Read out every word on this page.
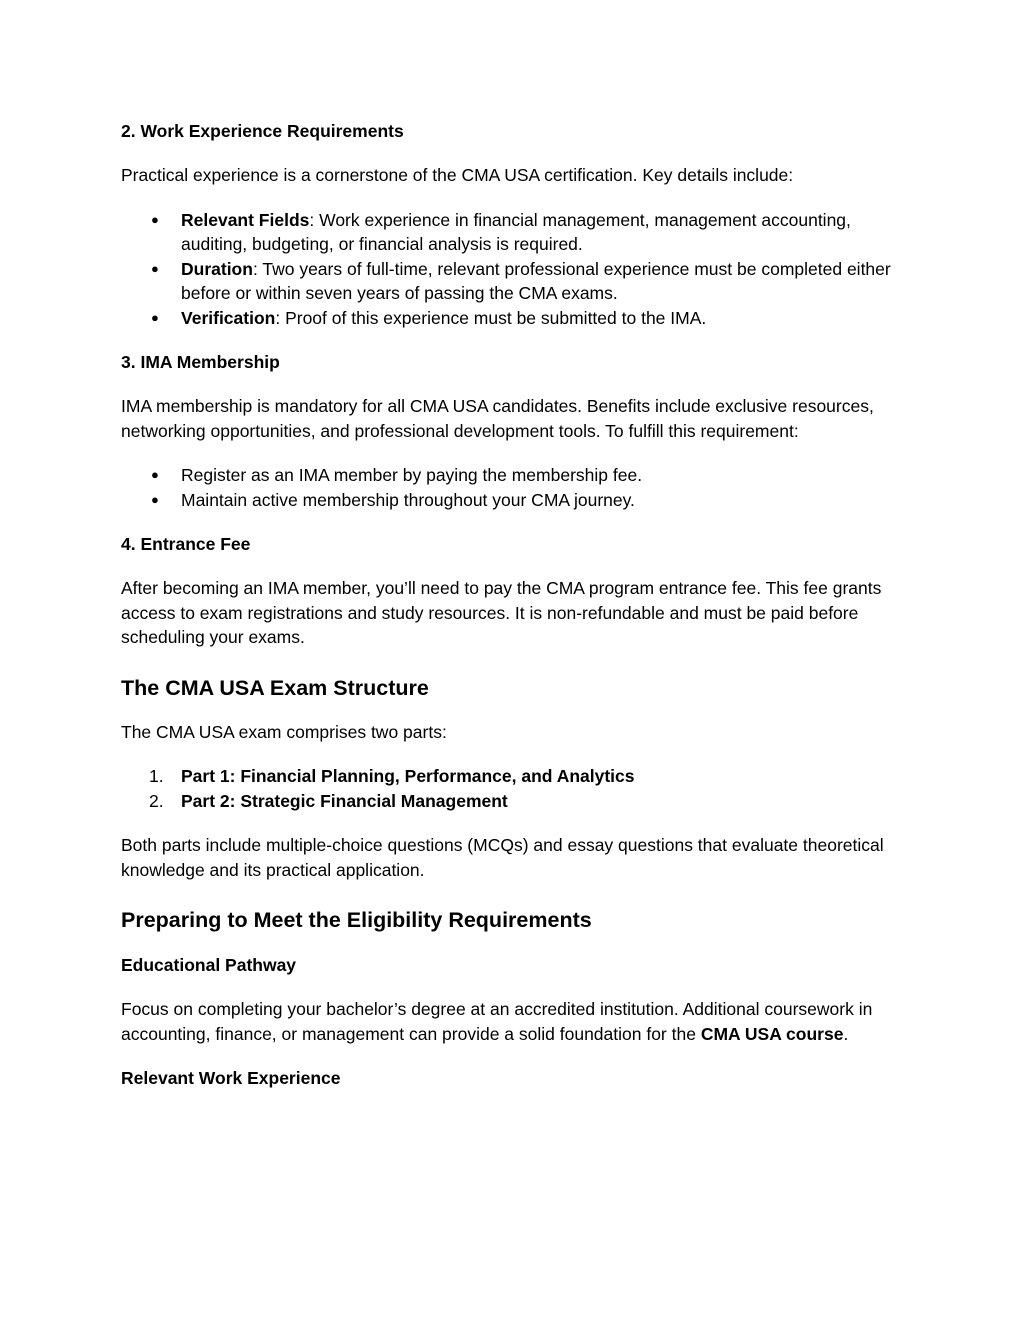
2. Work Experience Requirements

Practical experience is a cornerstone of the CMA USA certification. Key details include:

● Relevant Fields: Work experience in financial management, management accounting, auditing, budgeting, or financial analysis is required.
● Duration: Two years of full-time, relevant professional experience must be completed either before or within seven years of passing the CMA exams.
● Verification: Proof of this experience must be submitted to the IMA.

3. IMA Membership

IMA membership is mandatory for all CMA USA candidates. Benefits include exclusive resources, networking opportunities, and professional development tools. To fulfill this requirement:

● Register as an IMA member by paying the membership fee.
● Maintain active membership throughout your CMA journey.

4. Entrance Fee

After becoming an IMA member, you’ll need to pay the CMA program entrance fee. This fee grants access to exam registrations and study resources. It is non-refundable and must be paid before scheduling your exams.

The CMA USA Exam Structure

The CMA USA exam comprises two parts:

1. Part 1: Financial Planning, Performance, and Analytics
2. Part 2: Strategic Financial Management

Both parts include multiple-choice questions (MCQs) and essay questions that evaluate theoretical knowledge and its practical application.

Preparing to Meet the Eligibility Requirements

Educational Pathway

Focus on completing your bachelor’s degree at an accredited institution. Additional coursework in accounting, finance, or management can provide a solid foundation for the CMA USA course.

Relevant Work Experience
